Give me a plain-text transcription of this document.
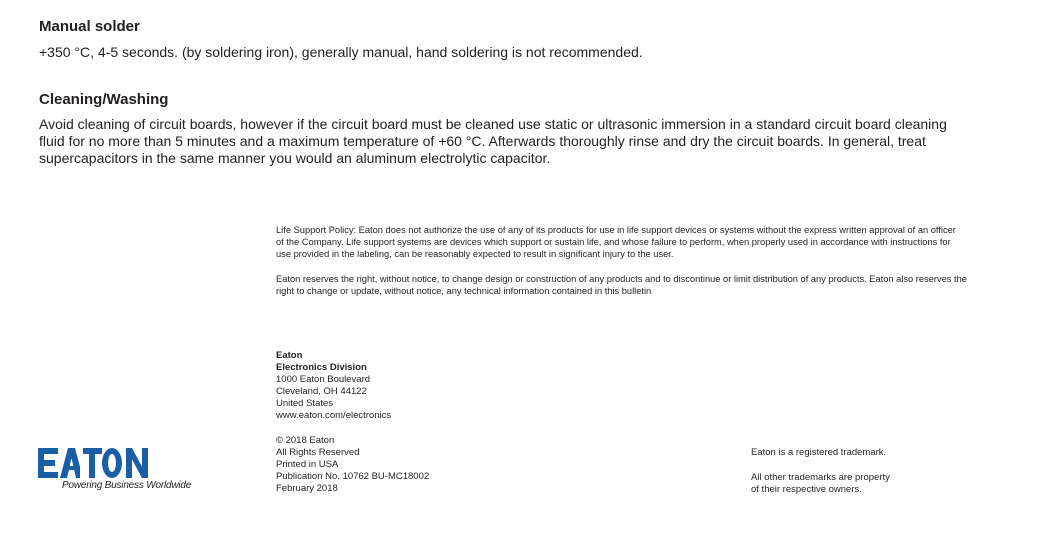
Manual solder

+350 °C, 4-5 seconds. (by soldering iron), generally manual, hand soldering is not recommended.

Cleaning/Washing

Avoid cleaning of circuit boards, however if the circuit board must be cleaned use static or ultrasonic immersion in a standard circuit board cleaning fluid for no more than 5 minutes and a maximum temperature of +60 °C. Afterwards thoroughly rinse and dry the circuit boards. In general, treat supercapacitors in the same manner you would an aluminum electrolytic capacitor.

Life Support Policy: Eaton does not authorize the use of any of its products for use in life support devices or systems without the express written approval of an officer of the Company. Life support systems are devices which support or sustain life, and whose failure to perform, when properly used in accordance with instructions for use provided in the labeling, can be reasonably expected to result in significant injury to the user.
Eaton reserves the right, without notice, to change design or construction of any products and to discontinue or limit distribution of any products. Eaton also reserves the right to change or update, without notice, any technical information contained in this bulletin
Eaton
Electronics Division
1000 Eaton Boulevard
Cleveland, OH 44122
United States
www.eaton.com/electronics
© 2018 Eaton
All Rights Reserved
Printed in USA
Publication No. 10762 BU-MC18002
February 2018
Eaton is a registered trademark.
All other trademarks are property
of their respective owners.
Powering Business Worldwide
